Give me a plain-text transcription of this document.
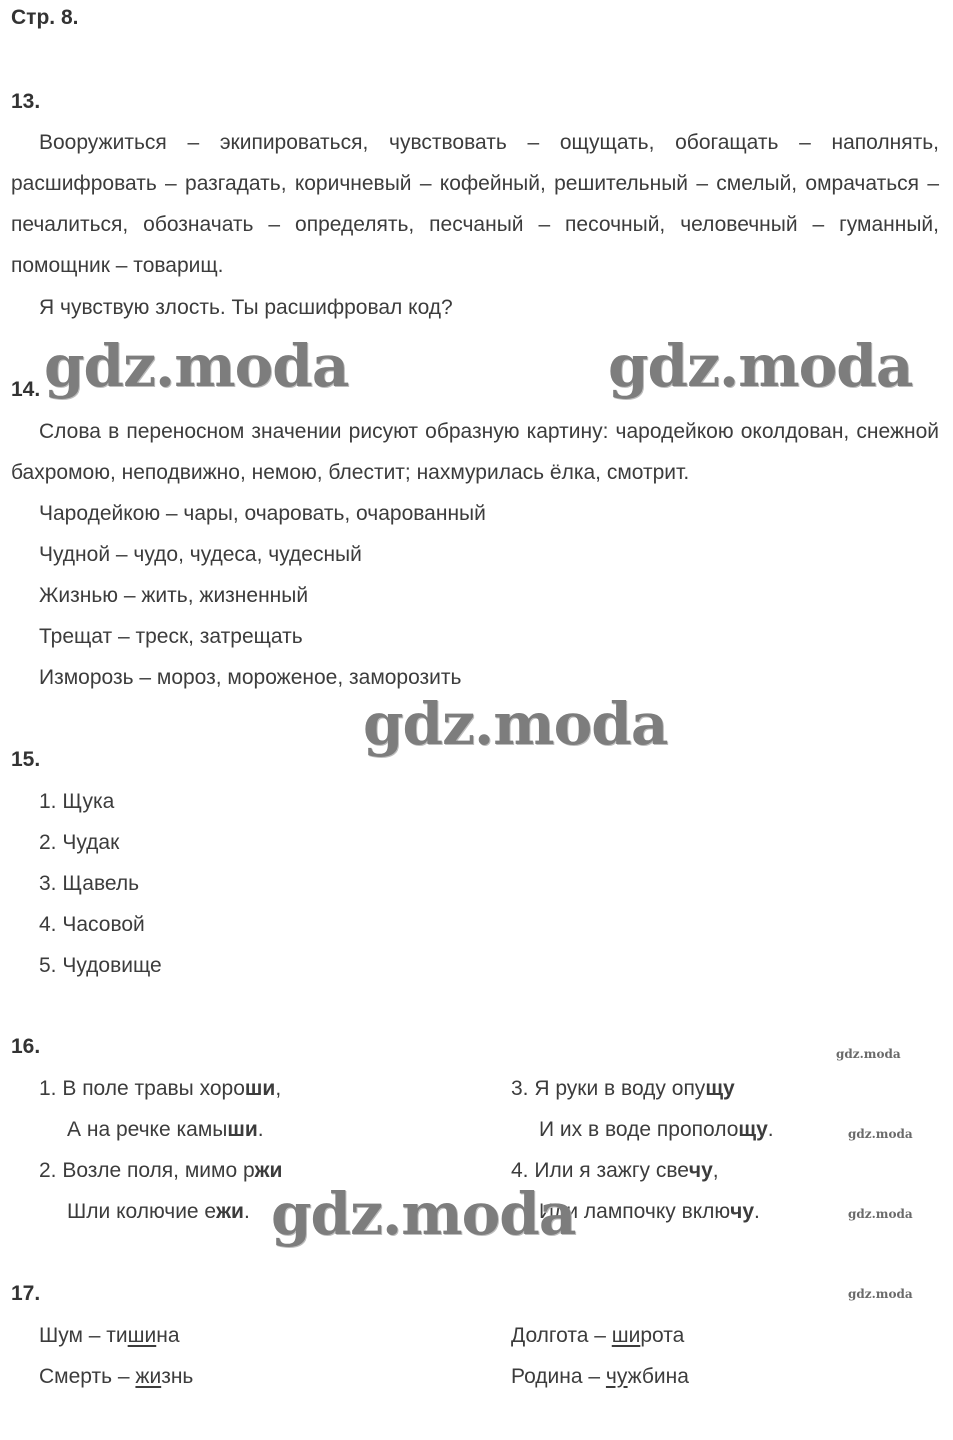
Стр. 8.
13.
Вооружиться – экипироваться, чувствовать – ощущать, обогащать – наполнять, расшифровать – разгадать, коричневый – кофейный, решительный – смелый, омрачаться – печалиться, обозначать – определять, песчаный – песочный, человечный – гуманный, помощник – товарищ.
Я чувствую злость. Ты расшифровал код?
gdz.moda	gdz.moda
14.
Слова в переносном значении рисуют образную картину: чародейкою околдован, снежной бахромою, неподвижно, немою, блестит; нахмурилась ёлка, смотрит.
Чародейкою – чары, очаровать, очарованный
Чудной – чудо, чудеса, чудесный
Жизнью – жить, жизненный
Трещат – треск, затрещать
Изморозь – мороз, мороженое, заморозить
gdz.moda
15.
1. Щука
2. Чудак
3. Щавель
4. Часовой
5. Чудовище
16.	gdz.moda
1. В поле травы хороши,
А на речке камыши.
2. Возле поля, мимо ржи
Шли колючие ежи.
3. Я руки в воду опущу
И их в воде прополощу.
4. Или я зажгу свечу,
Или лампочку включу.
gdz.moda
gdz.moda
gdz.moda
17.	gdz.moda
Шум – тишина
Смерть – жизнь
Долгота – широта
Родина – чужбина
